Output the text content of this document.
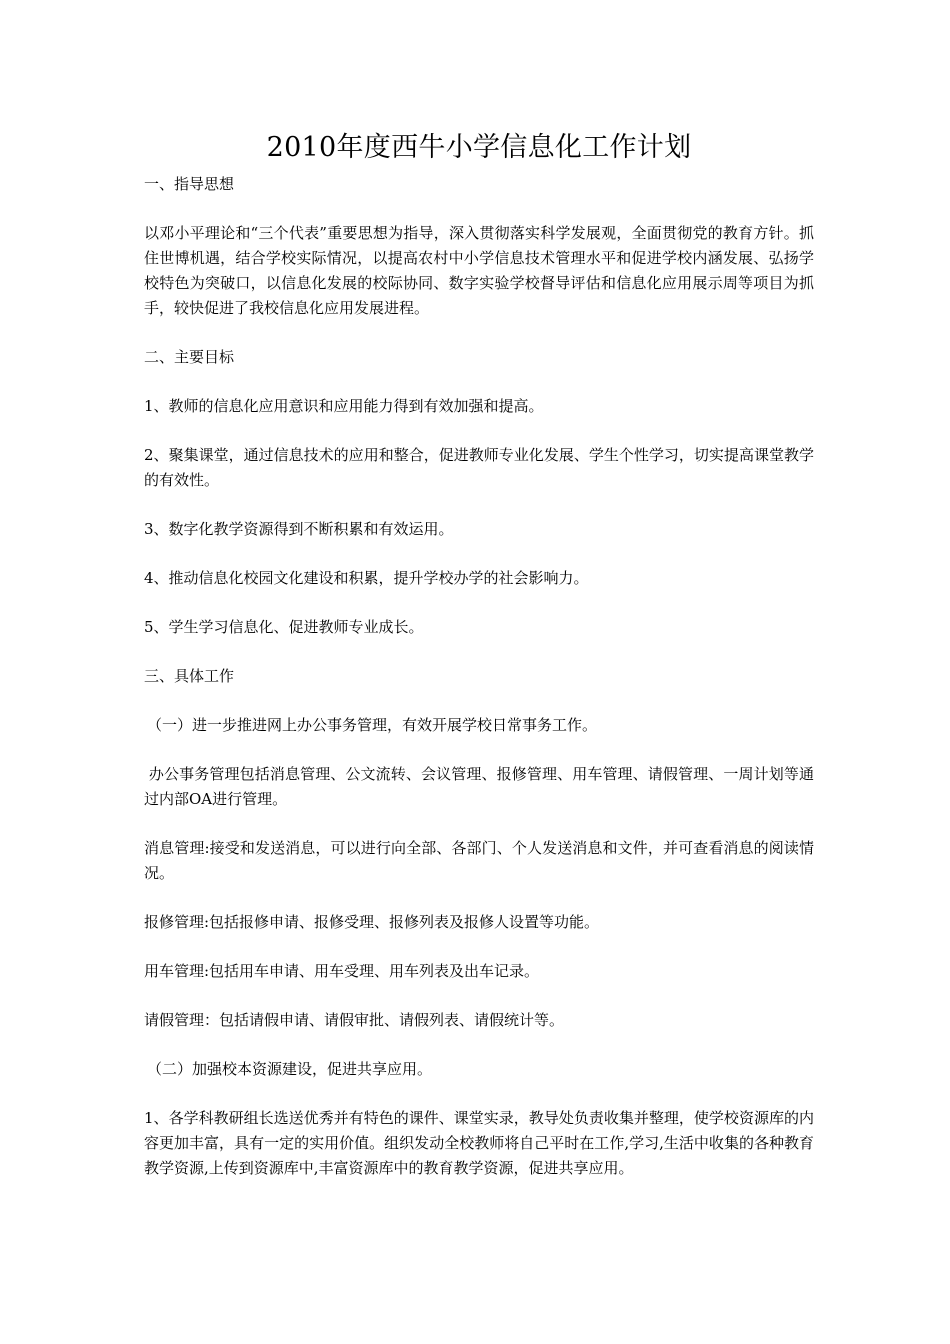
2010年度西牛小学信息化工作计划

一、指导思想

以邓小平理论和“三个代表”重要思想为指导，深入贯彻落实科学发展观，全面贯彻党的教育方针。抓住世博机遇，结合学校实际情况，以提高农村中小学信息技术管理水平和促进学校内涵发展、弘扬学校特色为突破口，以信息化发展的校际协同、数字实验学校督导评估和信息化应用展示周等项目为抓手，较快促进了我校信息化应用发展进程。

二、主要目标

1、教师的信息化应用意识和应用能力得到有效加强和提高。

2、聚集课堂，通过信息技术的应用和整合，促进教师专业化发展、学生个性学习，切实提高课堂教学的有效性。

3、数字化教学资源得到不断积累和有效运用。

4、推动信息化校园文化建设和积累，提升学校办学的社会影响力。

5、学生学习信息化、促进教师专业成长。

三、具体工作

（一）进一步推进网上办公事务管理，有效开展学校日常事务工作。

办公事务管理包括消息管理、公文流转、会议管理、报修管理、用车管理、请假管理、一周计划等通过内部OA进行管理。

消息管理:接受和发送消息，可以进行向全部、各部门、个人发送消息和文件，并可查看消息的阅读情况。

报修管理:包括报修申请、报修受理、报修列表及报修人设置等功能。

用车管理:包括用车申请、用车受理、用车列表及出车记录。

请假管理：包括请假申请、请假审批、请假列表、请假统计等。

（二）加强校本资源建设，促进共享应用。

1、各学科教研组长选送优秀并有特色的课件、课堂实录，教导处负责收集并整理，使学校资源库的内容更加丰富，具有一定的实用价值。组织发动全校教师将自己平时在工作,学习,生活中收集的各种教育教学资源,上传到资源库中,丰富资源库中的教育教学资源，促进共享应用。
